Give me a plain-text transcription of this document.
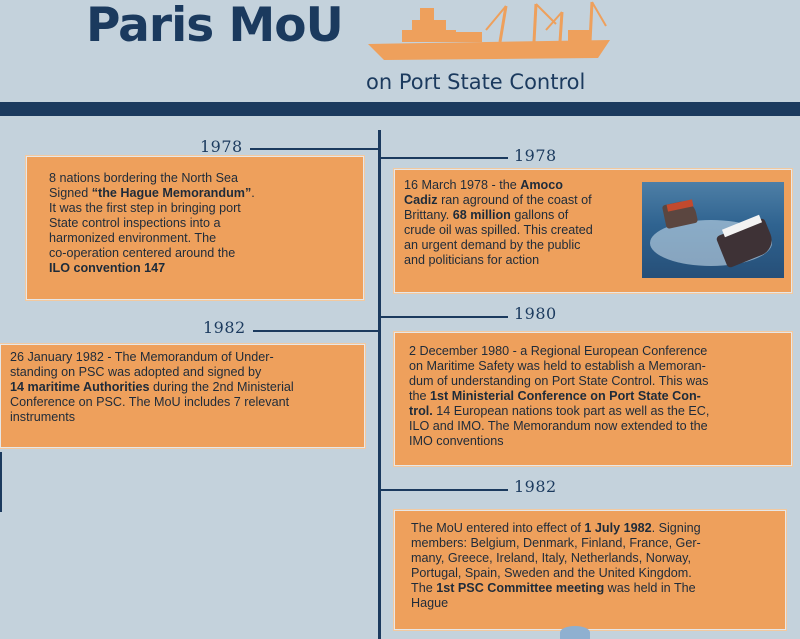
Paris MoU
on Port State Control
1978

8 nations bordering the North Sea

Signed “the Hague Memorandum”.

It was the first step in bringing port

State control inspections into a

harmonized environment. The

co-operation centered around the

ILO convention 147

1982

26 January 1982 - The Memorandum of Under-

standing on PSC was adopted and signed by

14 maritime Authorities during the 2nd Ministerial

Conference on PSC. The MoU includes 7 relevant

instruments

1978

16 March 1978 - the Amoco

Cadiz ran aground of the coast of

Brittany. 68 million gallons of

crude oil was spilled. This created

an urgent demand by the public

and politicians for action

1980

2 December 1980 - a Regional European Conference

on Maritime Safety was held to establish a Memoran-

dum of understanding on Port State Control. This was

the 1st Ministerial Conference on Port State Con-

trol. 14 European nations took part as well as the EC,

ILO and IMO. The Memorandum now extended to the

IMO conventions

1982

The MoU entered into effect of 1 July 1982. Signing

members: Belgium, Denmark, Finland, France, Ger-

many, Greece, Ireland, Italy, Netherlands, Norway,

Portugal, Spain, Sweden and the United Kingdom.

The 1st PSC Committee meeting was held in The

Hague
